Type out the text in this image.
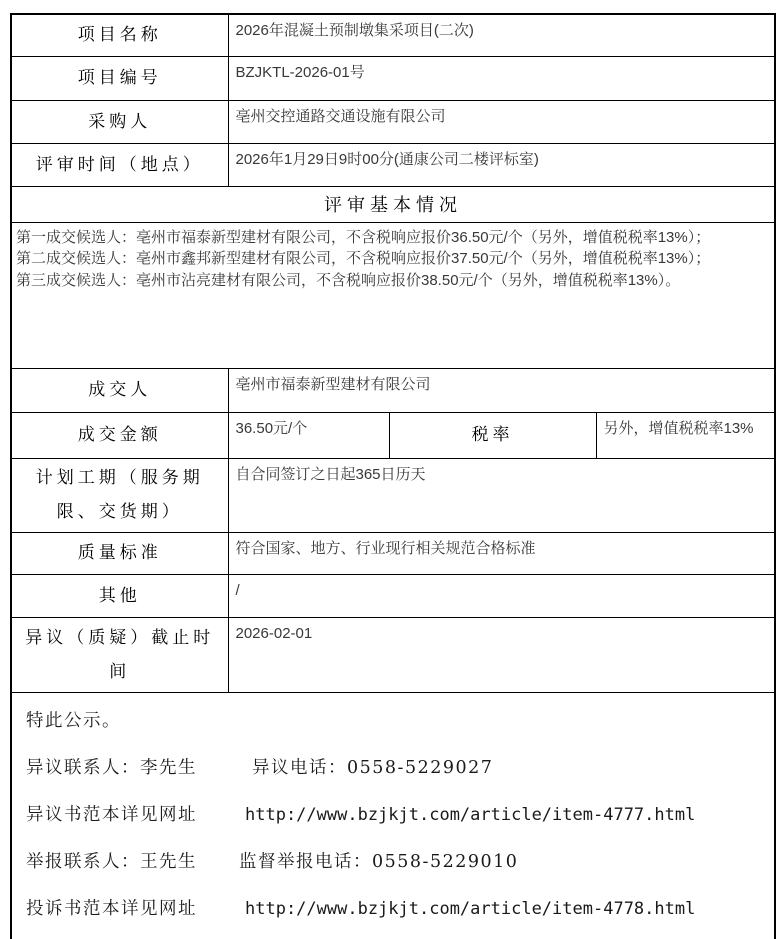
项目名称	2026年混凝土预制墩集采项目(二次)		
项目编号	BZJKTL-2026-01号		
采购人	亳州交控通路交通设施有限公司		
评审时间（地点）	2026年1月29日9时00分(通康公司二楼评标室)		
评审基本情况			

第一成交候选人：亳州市福泰新型建材有限公司，不含税响应报价36.50元/个（另外，增值税税率13%）；
第二成交候选人：亳州市鑫邦新型建材有限公司，不含税响应报价37.50元/个（另外，增值税税率13%）；
第三成交候选人：亳州市沾亮建材有限公司，不含税响应报价38.50元/个（另外，增值税税率13%）。			

成交人	亳州市福泰新型建材有限公司		
成交金额	36.50元/个	税率	另外，增值税税率13%
计划工期（服务期限、交货期）	自合同签订之日起365日历天		
质量标准	符合国家、地方、行业现行相关规范合格标准		
其他	/		
异议（质疑）截止时间	2026-02-01		

特此公示。
异议联系人：李先生 异议电话：0558-5229027
异议书范本详见网址 http://www.bzjkjt.com/article/item-4777.html
举报联系人：王先生 监督举报电话：0558-5229010
投诉书范本详见网址 http://www.bzjkjt.com/article/item-4778.html			
